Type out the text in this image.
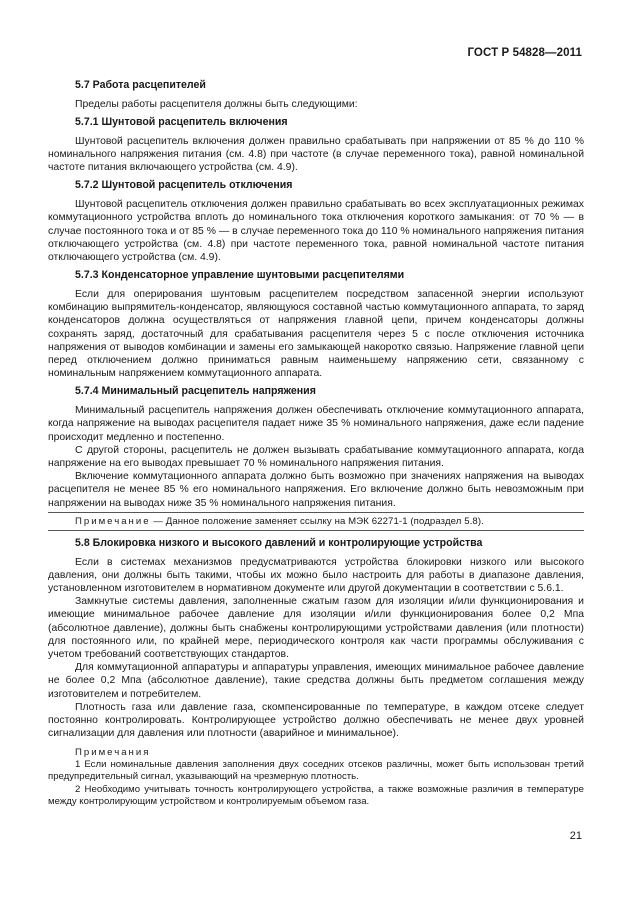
ГОСТ Р 54828—2011
5.7 Работа расцепителей
Пределы работы расцепителя должны быть следующими:
5.7.1 Шунтовой расцепитель включения
Шунтовой расцепитель включения должен правильно срабатывать при напряжении от 85 % до 110 % номинального напряжения питания (см. 4.8) при частоте (в случае переменного тока), равной номинальной частоте питания включающего устройства (см. 4.9).
5.7.2 Шунтовой расцепитель отключения
Шунтовой расцепитель отключения должен правильно срабатывать во всех эксплуатационных режимах коммутационного устройства вплоть до номинального тока отключения короткого замыкания: от 70 % — в случае постоянного тока и от 85 % — в случае переменного тока до 110 % номинального напряжения питания отключающего устройства (см. 4.8) при частоте переменного тока, равной номинальной частоте питания отключающего устройства (см. 4.9).
5.7.3 Конденсаторное управление шунтовыми расцепителями
Если для оперирования шунтовым расцепителем посредством запасенной энергии используют комбинацию выпрямитель-конденсатор, являющуюся составной частью коммутационного аппарата, то заряд конденсаторов должна осуществляться от напряжения главной цепи, причем конденсаторы должны сохранять заряд, достаточный для срабатывания расцепителя через 5 с после отключения источника напряжения от выводов комбинации и замены его замыкающей накоротко связью. Напряжение главной цепи перед отключением должно приниматься равным наименьшему напряжению сети, связанному с номинальным напряжением коммутационного аппарата.
5.7.4 Минимальный расцепитель напряжения
Минимальный расцепитель напряжения должен обеспечивать отключение коммутационного аппарата, когда напряжение на выводах расцепителя падает ниже 35 % номинального напряжения, даже если падение происходит медленно и постепенно.
С другой стороны, расцепитель не должен вызывать срабатывание коммутационного аппарата, когда напряжение на его выводах превышает 70 % номинального напряжения питания.
Включение коммутационного аппарата должно быть возможно при значениях напряжения на выводах расцепителя не менее 85 % его номинального напряжения. Его включение должно быть невозможным при напряжении на выводах ниже 35 % номинального напряжения питания.
Примечание — Данное положение заменяет ссылку на МЭК 62271-1 (подраздел 5.8).
5.8 Блокировка низкого и высокого давлений и контролирующие устройства
Если в системах механизмов предусматриваются устройства блокировки низкого или высокого давления, они должны быть такими, чтобы их можно было настроить для работы в диапазоне давления, установленном изготовителем в нормативном документе или другой документации в соответствии с 5.6.1.
Замкнутые системы давления, заполненные сжатым газом для изоляции и/или функционирования и имеющие минимальное рабочее давление для изоляции и/или функционирования более 0,2 Мпа (абсолютное давление), должны быть снабжены контролирующими устройствами давления (или плотности) для постоянного или, по крайней мере, периодического контроля как части программы обслуживания с учетом требований соответствующих стандартов.
Для коммутационной аппаратуры и аппаратуры управления, имеющих минимальное рабочее давление не более 0,2 Мпа (абсолютное давление), такие средства должны быть предметом соглашения между изготовителем и потребителем.
Плотность газа или давление газа, скомпенсированные по температуре, в каждом отсеке следует постоянно контролировать. Контролирующее устройство должно обеспечивать не менее двух уровней сигнализации для давления или плотности (аварийное и минимальное).
Примечания
1 Если номинальные давления заполнения двух соседних отсеков различны, может быть использован третий предупредительный сигнал, указывающий на чрезмерную плотность.
2 Необходимо учитывать точность контролирующего устройства, а также возможные различия в температуре между контролирующим устройством и контролируемым объемом газа.
21
